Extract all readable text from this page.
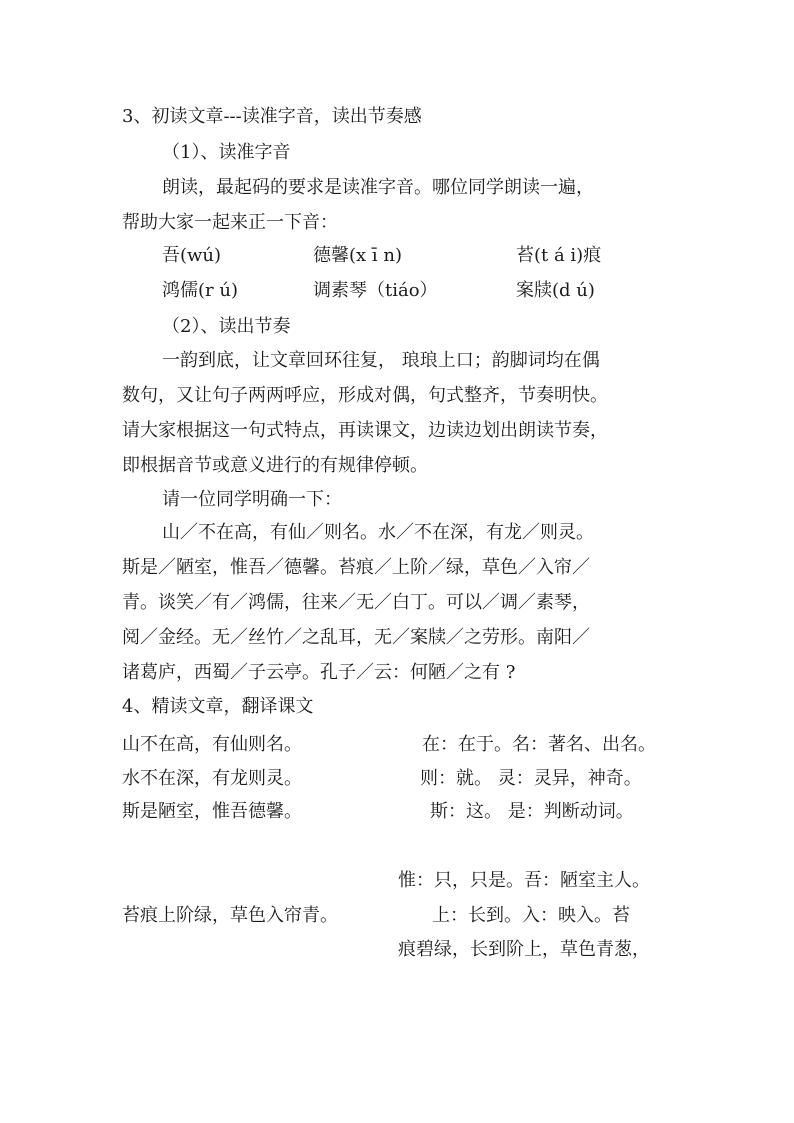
3、初读文章---读准字音，读出节奏感
（1）、读准字音
朗读，最起码的要求是读准字音。哪位同学朗读一遍，
帮助大家一起来正一下音：
吾(wú)	德馨(x ī n)	苔(t á i)痕
鸿儒(r ú)	调素琴（tiáo）	案牍(d ú)
（2）、读出节奏
一韵到底，让文章回环往复， 琅琅上口；韵脚词均在偶
数句，又让句子两两呼应，形成对偶，句式整齐，节奏明快。
请大家根据这一句式特点，再读课文，边读边划出朗读节奏，
即根据音节或意义进行的有规律停顿。
请一位同学明确一下：
山／不在高，有仙／则名。水／不在深，有龙／则灵。
斯是／陋室，惟吾／德馨。苔痕／上阶／绿，草色／入帘／
青。谈笑／有／鸿儒，往来／无／白丁。可以／调／素琴，
阅／金经。无／丝竹／之乱耳，无／案牍／之劳形。南阳／
诸葛庐，西蜀／子云亭。孔子／云：何陋／之有 ?
4、精读文章，翻译课文
山不在高，有仙则名。	在：在于。名：著名、出名。
水不在深，有龙则灵。	则：就。 灵：灵异，神奇。
斯是陋室，惟吾德馨。	斯：这。 是：判断动词。
惟：只，只是。吾：陋室主人。
苔痕上阶绿，草色入帘青。	上：长到。入：映入。苔
痕碧绿，长到阶上，草色青葱，
